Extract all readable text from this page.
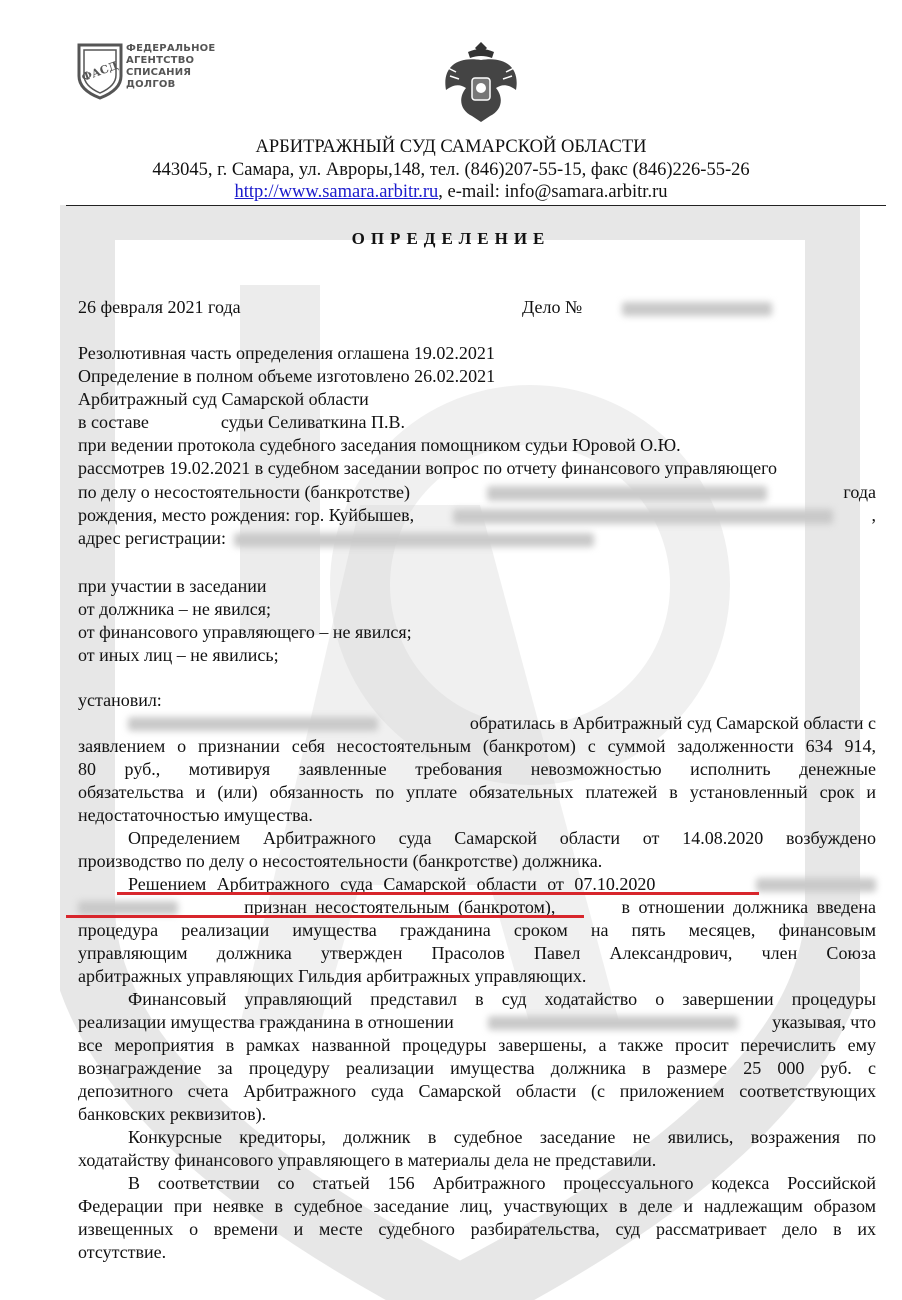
ФАСД
ФЕДЕРАЛЬНОЕ
АГЕНТСТВО
СПИСАНИЯ
ДОЛГОВ
АРБИТРАЖНЫЙ СУД САМАРСКОЙ ОБЛАСТИ
443045, г. Самара, ул. Авроры,148, тел. (846)207-55-15, факс (846)226-55-26
http://www.samara.arbitr.ru, e-mail: info@samara.arbitr.ru
ОПРЕДЕЛЕНИЕ
26 февраля 2021 года	Дело №
Резолютивная часть определения оглашена 19.02.2021
Определение в полном объеме изготовлено 26.02.2021
Арбитражный суд Самарской области
в составе	судьи Селиваткина П.В.
при ведении протокола судебного заседания помощником судьи Юровой О.Ю.
рассмотрев 19.02.2021 в судебном заседании вопрос по отчету финансового управляющего
по делу о несостоятельности (банкротстве)	года
рождения, место рождения: гор. Куйбышев,	,
адрес регистрации:
при участии в заседании
от должника – не явился;
от финансового управляющего – не явился;
от иных лиц – не явились;
установил:
обратилась в Арбитражный суд Самарской области с
заявлением о признании себя несостоятельным (банкротом) с суммой задолженности 634 914,
80 руб., мотивируя заявленные требования невозможностью исполнить денежные
обязательства и (или) обязанность по уплате обязательных платежей в установленный срок и
недостаточностью имущества.
Определением Арбитражного суда Самарской области от 14.08.2020 возбуждено
производство по делу о несостоятельности (банкротстве) должника.
Решением Арбитражного суда Самарской области от 07.10.2020
признан несостоятельным (банкротом),	в отношении должника введена
процедура реализации имущества гражданина сроком на пять месяцев, финансовым
управляющим должника утвержден Прасолов Павел Александрович, член Союза
арбитражных управляющих Гильдия арбитражных управляющих.
Финансовый управляющий представил в суд ходатайство о завершении процедуры
реализации имущества гражданина в отношении	указывая, что
все мероприятия в рамках названной процедуры завершены, а также просит перечислить ему
вознаграждение за процедуру реализации имущества должника в размере 25 000 руб. с
депозитного счета Арбитражного суда Самарской области (с приложением соответствующих
банковских реквизитов).
Конкурсные кредиторы, должник в судебное заседание не явились, возражения по
ходатайству финансового управляющего в материалы дела не представили.
В соответствии со статьей 156 Арбитражного процессуального кодекса Российской
Федерации при неявке в судебное заседание лиц, участвующих в деле и надлежащим образом
извещенных о времени и месте судебного разбирательства, суд рассматривает дело в их
отсутствие.
